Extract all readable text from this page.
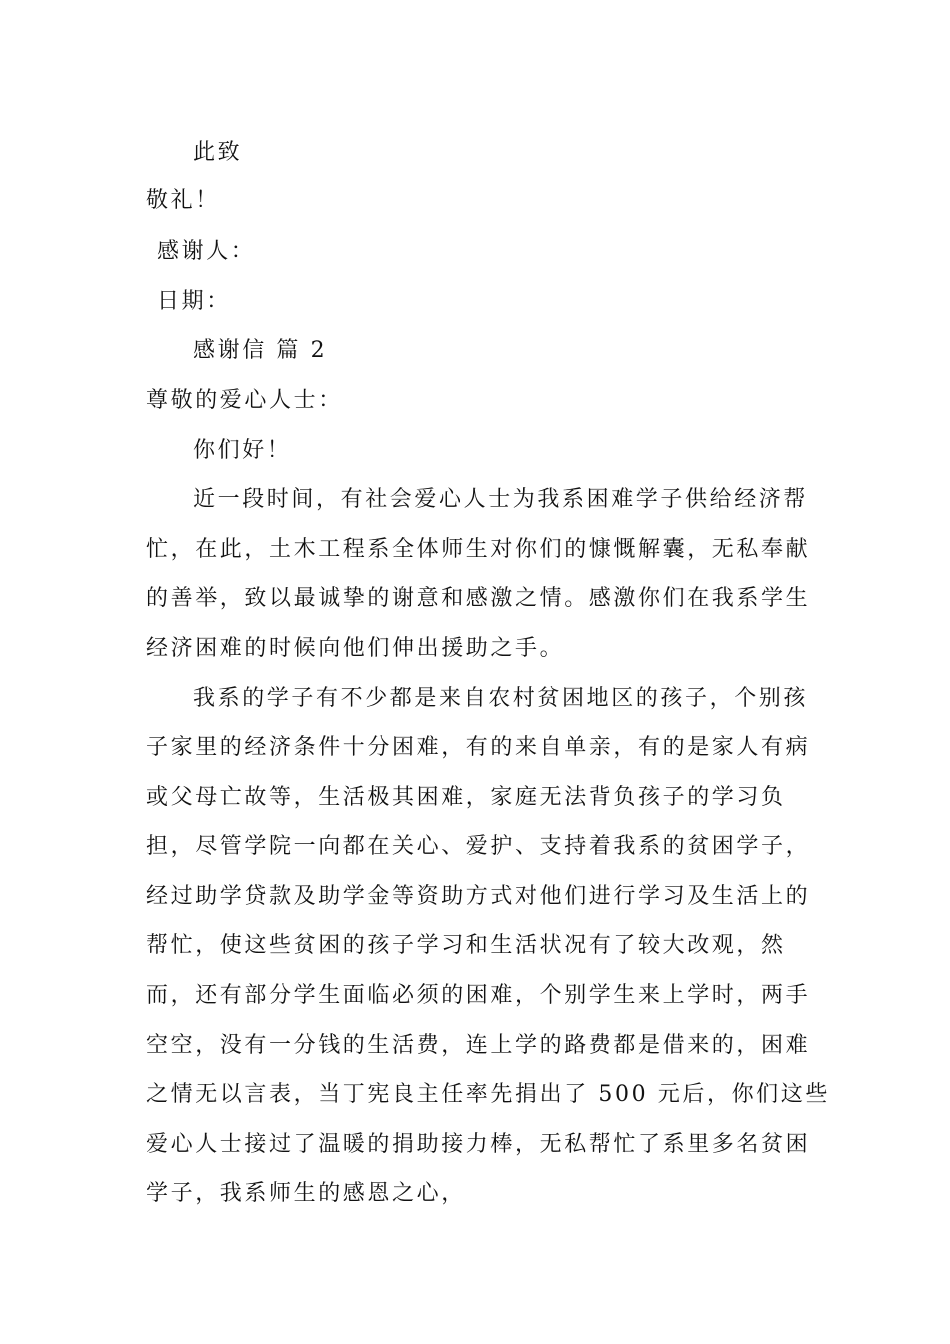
此致
敬礼！
感谢人：
日期：
感谢信 篇 2
尊敬的爱心人士：
你们好！
近一段时间，有社会爱心人士为我系困难学子供给经济帮
忙，在此，土木工程系全体师生对你们的慷慨解囊，无私奉献
的善举，致以最诚挚的谢意和感激之情。感激你们在我系学生
经济困难的时候向他们伸出援助之手。
我系的学子有不少都是来自农村贫困地区的孩子，个别孩
子家里的经济条件十分困难，有的来自单亲，有的是家人有病
或父母亡故等，生活极其困难，家庭无法背负孩子的学习负
担，尽管学院一向都在关心、爱护、支持着我系的贫困学子，
经过助学贷款及助学金等资助方式对他们进行学习及生活上的
帮忙，使这些贫困的孩子学习和生活状况有了较大改观，然
而，还有部分学生面临必须的困难，个别学生来上学时，两手
空空，没有一分钱的生活费，连上学的路费都是借来的，困难
之情无以言表，当丁宪良主任率先捐出了 500 元后，你们这些
爱心人士接过了温暖的捐助接力棒，无私帮忙了系里多名贫困
学子，我系师生的感恩之心，
